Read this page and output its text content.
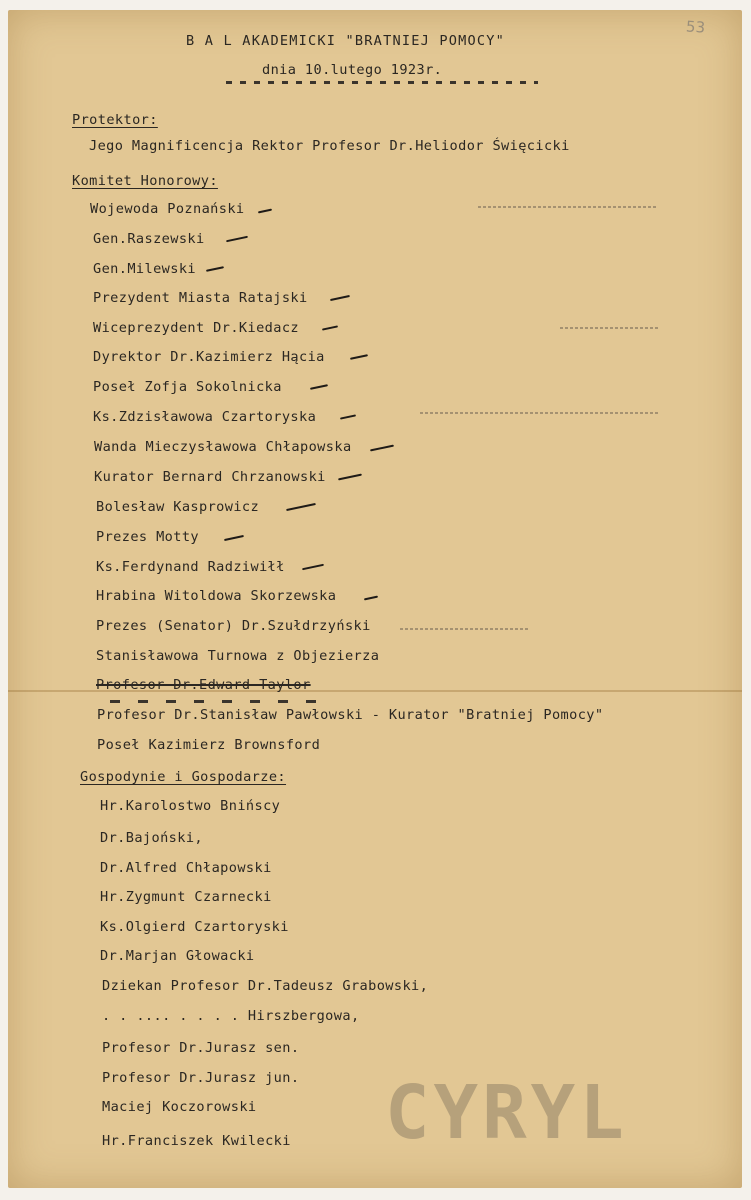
53
B A L AKADEMICKI "BRATNIEJ POMOCY"
dnia 10.lutego 1923r.
Protektor:
Jego Magnificencja Rektor Profesor Dr.Heliodor Święcicki
Komitet Honorowy:
Wojewoda Poznański
Gen.Raszewski
Gen.Milewski
Prezydent Miasta Ratajski
Wiceprezydent Dr.Kiedacz
Dyrektor Dr.Kazimierz Hącia
Poseł Zofja Sokolnicka
Ks.Zdzisławowa Czartoryska
Wanda Mieczysławowa Chłapowska
Kurator Bernard Chrzanowski
Bolesław Kasprowicz
Prezes Motty
Ks.Ferdynand Radziwiłł
Hrabina Witoldowa Skorzewska
Prezes (Senator) Dr.Szułdrzyński
Stanisławowa Turnowa z Objezierza
Profesor Dr.Edward Taylor
Profesor Dr.Stanisław Pawłowski - Kurator "Bratniej Pomocy"
Poseł Kazimierz Brownsford
Gospodynie i Gospodarze:
Hr.Karolostwo Bnińscy
Dr.Bajoński,
Dr.Alfred Chłapowski
Hr.Zygmunt Czarnecki
Ks.Olgierd Czartoryski
Dr.Marjan Głowacki
Dziekan Profesor Dr.Tadeusz Grabowski,
. . .... . . . . Hirszbergowa,
Profesor Dr.Jurasz sen.
Profesor Dr.Jurasz jun.
Maciej Koczorowski
Hr.Franciszek Kwilecki CYRYL
